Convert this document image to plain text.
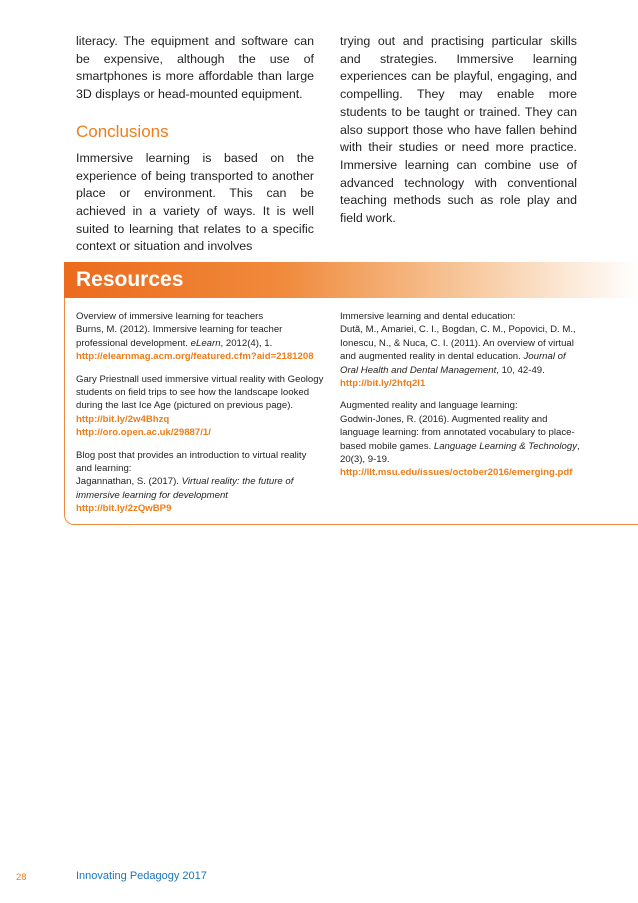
literacy. The equipment and software can be expensive, although the use of smartphones is more affordable than large 3D displays or head-mounted equipment.

Conclusions

Immersive learning is based on the experience of being transported to another place or environment. This can be achieved in a variety of ways. It is well suited to learning that relates to a specific context or situation and involves

trying out and practising particular skills and strategies. Immersive learning experiences can be playful, engaging, and compelling. They may enable more students to be taught or trained. They can also support those who have fallen behind with their studies or need more practice. Immersive learning can combine use of advanced technology with conventional teaching methods such as role play and field work.

Resources
Overview of immersive learning for teachers
Burns, M. (2012). Immersive learning for teacher professional development. eLearn, 2012(4), 1.
http://elearnmag.acm.org/featured.cfm?aid=2181208
Gary Priestnall used immersive virtual reality with Geology students on field trips to see how the landscape looked during the last Ice Age (pictured on previous page).
http://bit.ly/2w4Bhzq
http://oro.open.ac.uk/29887/1/
Blog post that provides an introduction to virtual reality and learning:
Jagannathan, S. (2017). Virtual reality: the future of immersive learning for development
http://bit.ly/2zQwBP9
Immersive learning and dental education:
Dutã, M., Amariei, C. I., Bogdan, C. M., Popovici, D. M., Ionescu, N., & Nuca, C. I. (2011). An overview of virtual and augmented reality in dental education. Journal of Oral Health and Dental Management, 10, 42-49.
http://bit.ly/2hfq2I1
Augmented reality and language learning:
Godwin-Jones, R. (2016). Augmented reality and language learning: from annotated vocabulary to place-based mobile games. Language Learning & Technology, 20(3), 9-19.
http://llt.msu.edu/issues/october2016/emerging.pdf
28	Innovating Pedagogy 2017
